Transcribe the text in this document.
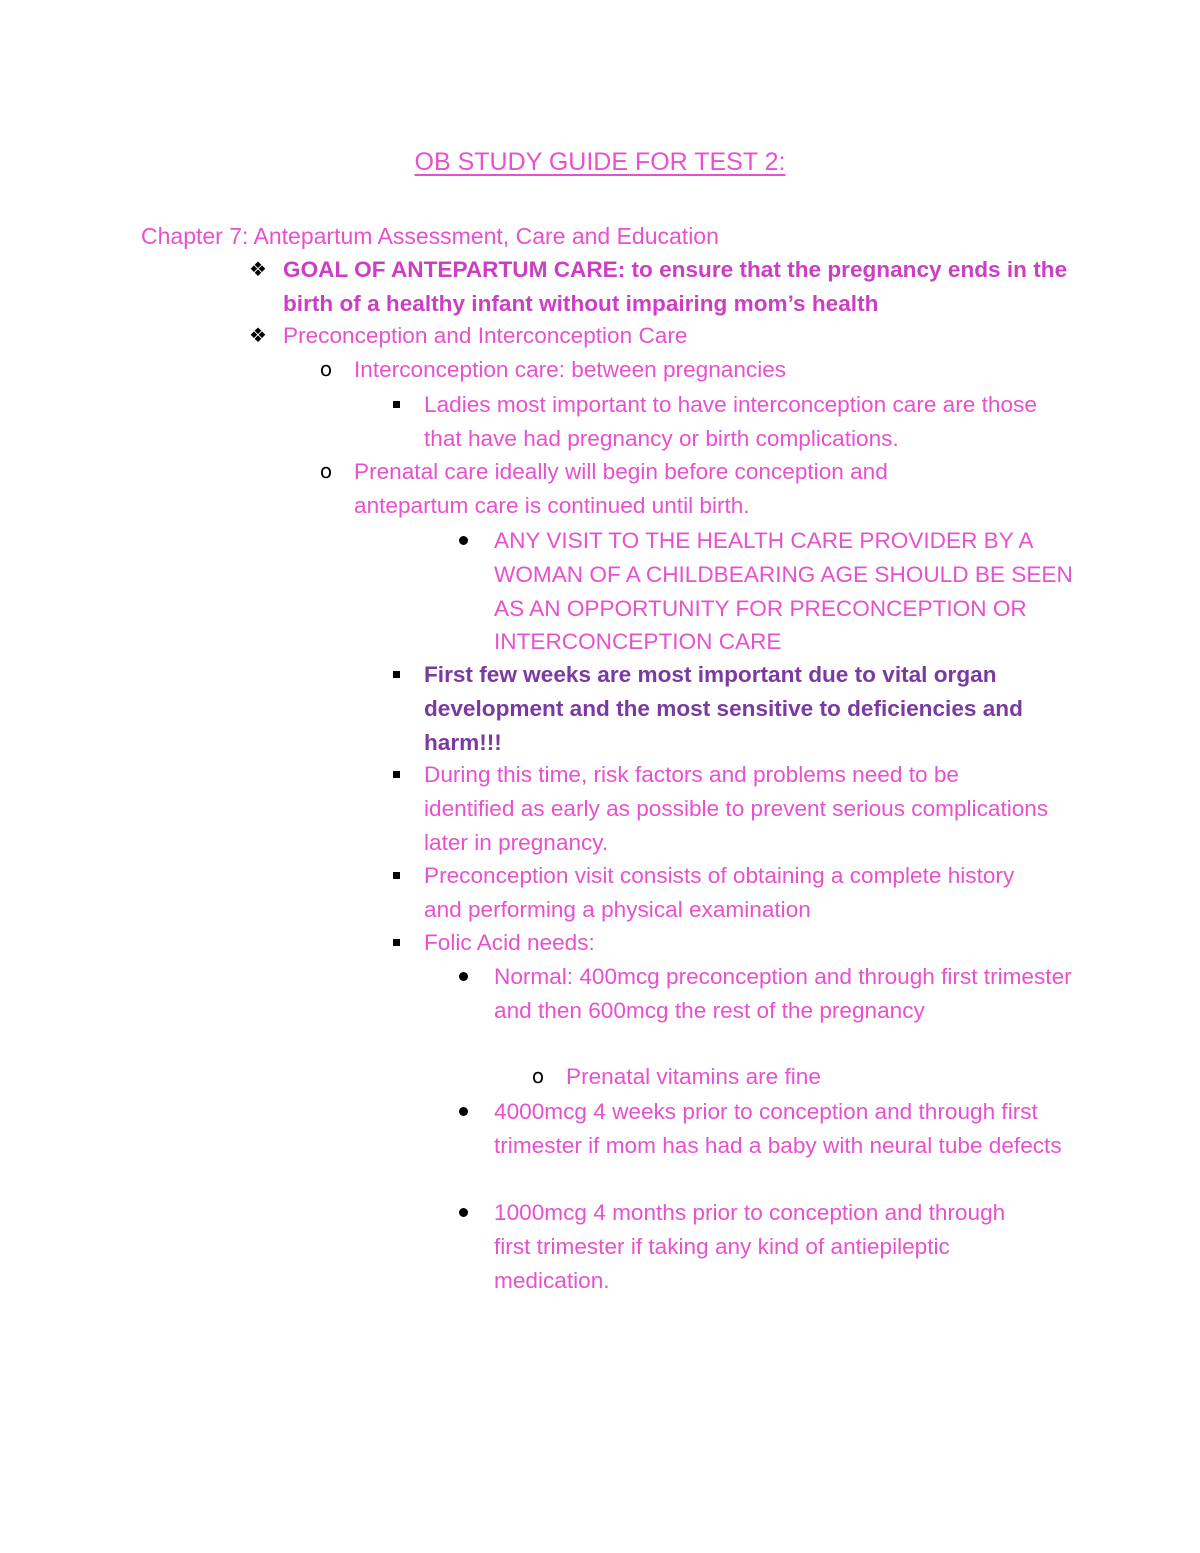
OB STUDY GUIDE FOR TEST 2:
Chapter 7: Antepartum Assessment, Care and Education
❖ GOAL OF ANTEPARTUM CARE: to ensure that the pregnancy ends in the birth of a healthy infant without impairing mom’s health
❖ Preconception and Interconception Care
o Interconception care: between pregnancies
Ladies most important to have interconception care are those that have had pregnancy or birth complications.
o Prenatal care ideally will begin before conception and antepartum care is continued until birth.
ANY VISIT TO THE HEALTH CARE PROVIDER BY A WOMAN OF A CHILDBEARING AGE SHOULD BE SEEN AS AN OPPORTUNITY FOR PRECONCEPTION OR INTERCONCEPTION CARE
First few weeks are most important due to vital organ development and the most sensitive to deficiencies and harm!!!
During this time, risk factors and problems need to be identified as early as possible to prevent serious complications later in pregnancy.
Preconception visit consists of obtaining a complete history and performing a physical examination
Folic Acid needs:
Normal: 400mcg preconception and through first trimester and then 600mcg the rest of the pregnancy
o Prenatal vitamins are fine
4000mcg 4 weeks prior to conception and through first trimester if mom has had a baby with neural tube defects
1000mcg 4 months prior to conception and through first trimester if taking any kind of antiepileptic medication.
